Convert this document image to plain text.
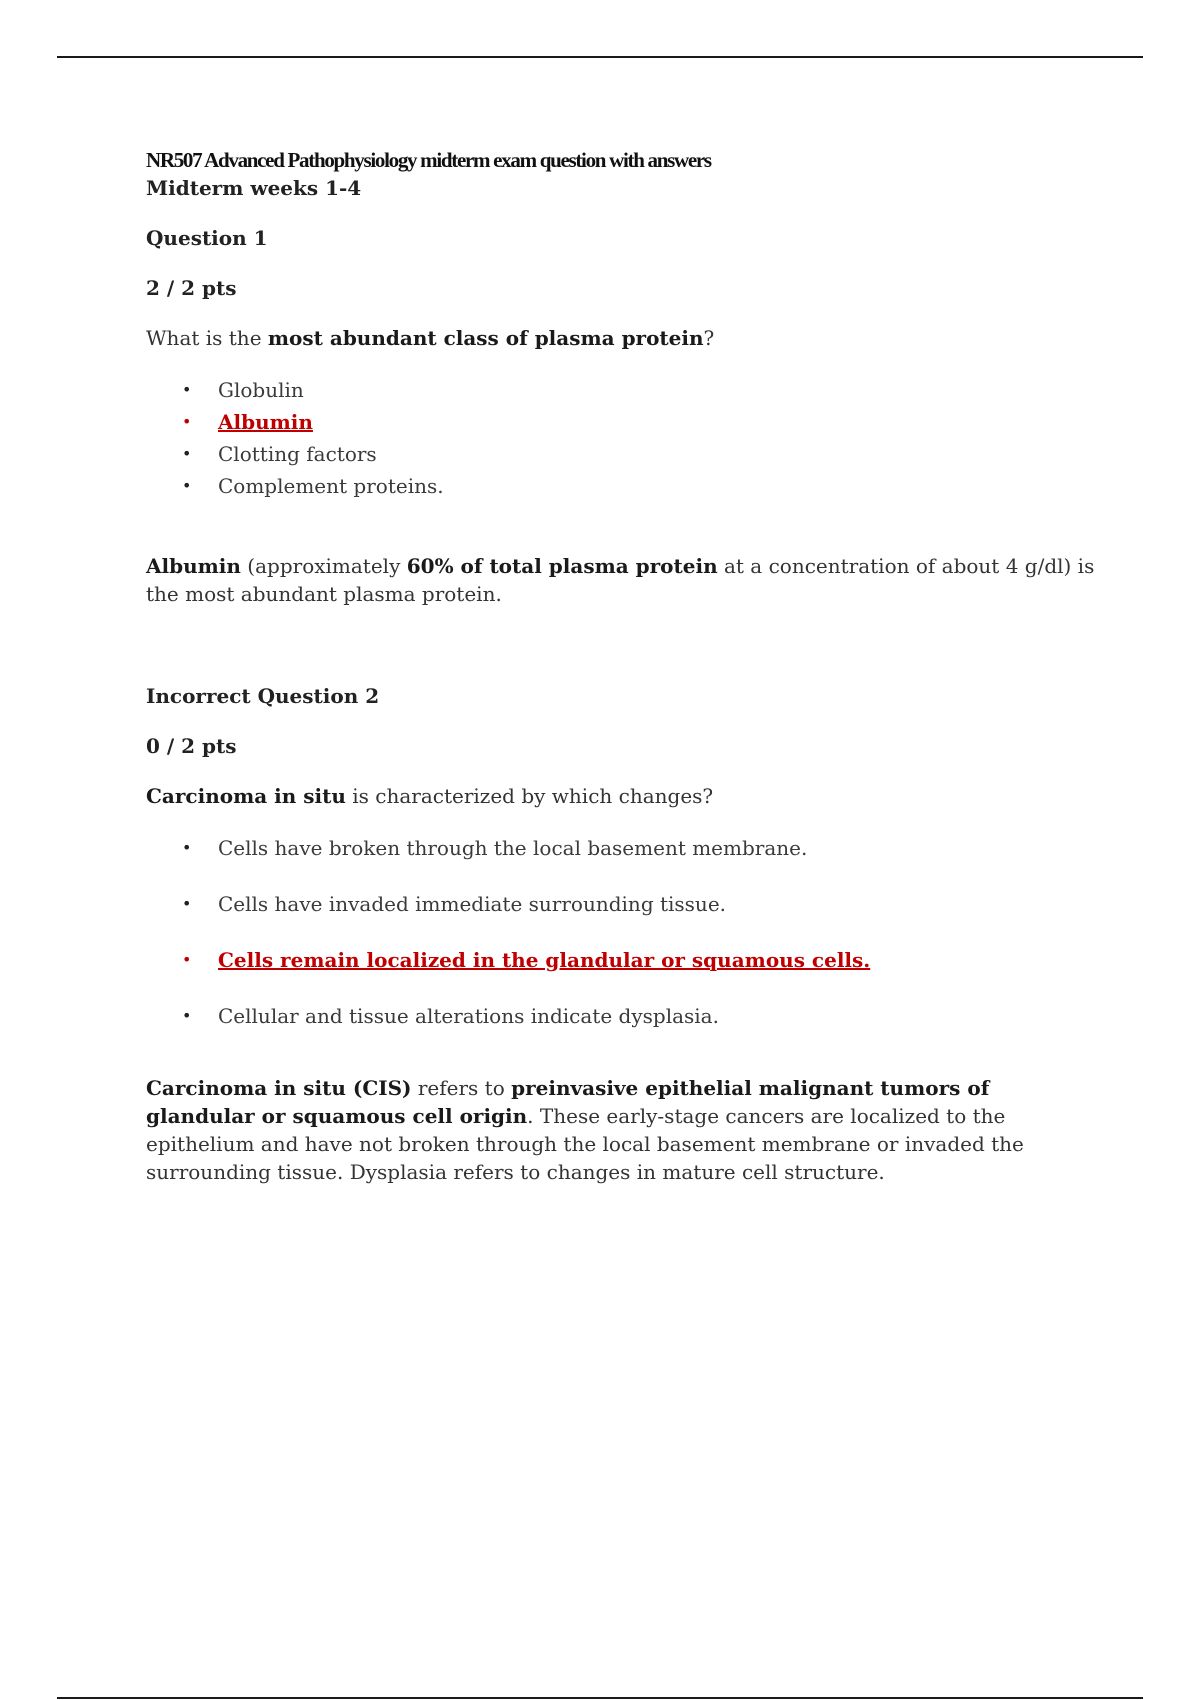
NR507 Advanced Pathophysiology midterm exam question with answers
Midterm weeks 1-4
Question 1
2 / 2 pts
What is the most abundant class of plasma protein?
• Globulin
• Albumin
• Clotting factors
• Complement proteins.
Albumin (approximately 60% of total plasma protein at a concentration of about 4 g/dl) is the most abundant plasma protein.
Incorrect Question 2
0 / 2 pts
Carcinoma in situ is characterized by which changes?
• Cells have broken through the local basement membrane.
• Cells have invaded immediate surrounding tissue.
• Cells remain localized in the glandular or squamous cells.
• Cellular and tissue alterations indicate dysplasia.
Carcinoma in situ (CIS) refers to preinvasive epithelial malignant tumors of glandular or squamous cell origin. These early-stage cancers are localized to the epithelium and have not broken through the local basement membrane or invaded the surrounding tissue. Dysplasia refers to changes in mature cell structure.
